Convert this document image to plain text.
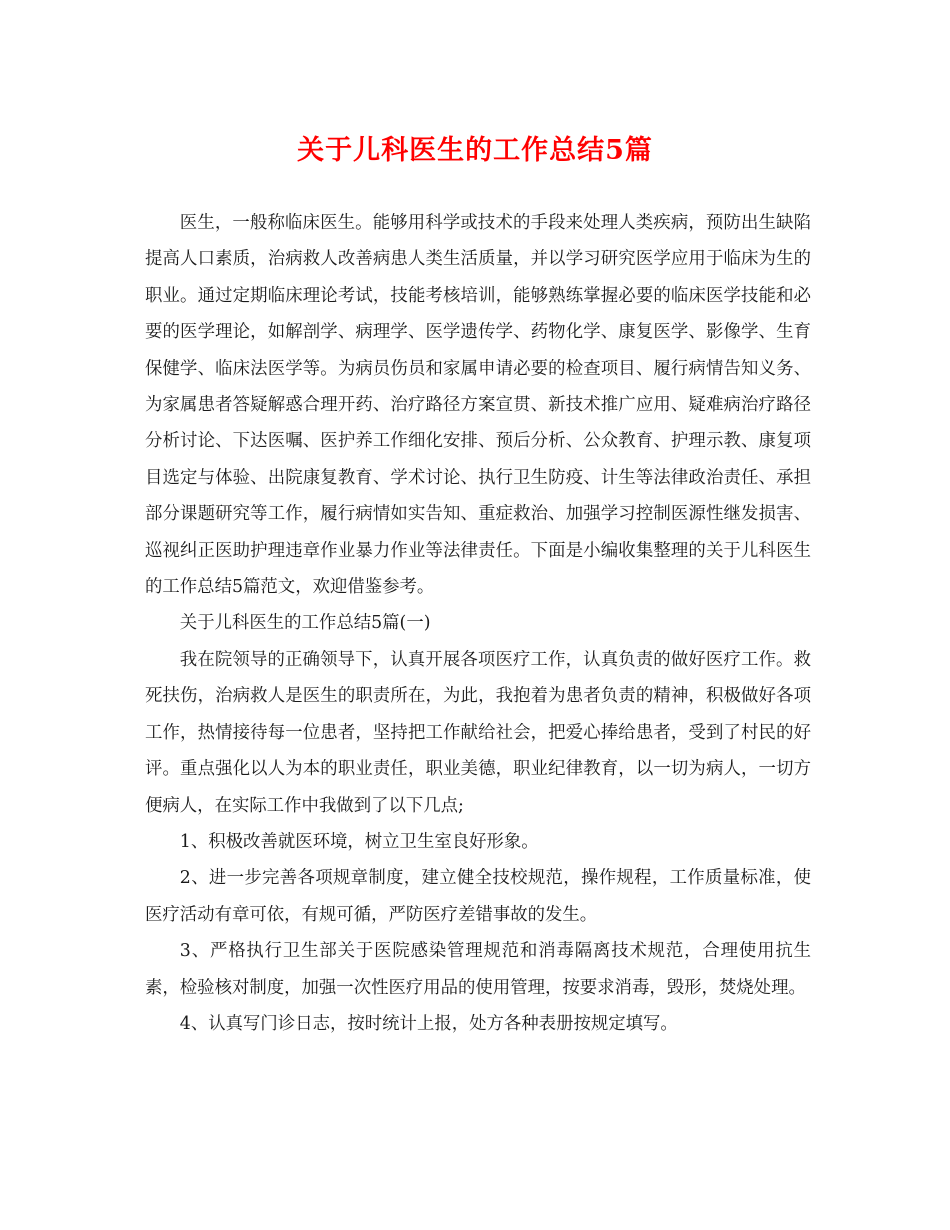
关于儿科医生的工作总结5篇

医生，一般称临床医生。能够用科学或技术的手段来处理人类疾病，预防出生缺陷提高人口素质，治病救人改善病患人类生活质量，并以学习研究医学应用于临床为生的职业。通过定期临床理论考试，技能考核培训，能够熟练掌握必要的临床医学技能和必要的医学理论，如解剖学、病理学、医学遗传学、药物化学、康复医学、影像学、生育保健学、临床法医学等。为病员伤员和家属申请必要的检查项目、履行病情告知义务、为家属患者答疑解惑合理开药、治疗路径方案宣贯、新技术推广应用、疑难病治疗路径分析讨论、下达医嘱、医护养工作细化安排、预后分析、公众教育、护理示教、康复项目选定与体验、出院康复教育、学术讨论、执行卫生防疫、计生等法律政治责任、承担部分课题研究等工作，履行病情如实告知、重症救治、加强学习控制医源性继发损害、巡视纠正医助护理违章作业暴力作业等法律责任。下面是小编收集整理的关于儿科医生的工作总结5篇范文，欢迎借鉴参考。

关于儿科医生的工作总结5篇(一)

我在院领导的正确领导下，认真开展各项医疗工作，认真负责的做好医疗工作。救死扶伤，治病救人是医生的职责所在，为此，我抱着为患者负责的精神，积极做好各项工作，热情接待每一位患者，坚持把工作献给社会，把爱心捧给患者，受到了村民的好评。重点强化以人为本的职业责任，职业美德，职业纪律教育，以一切为病人，一切方便病人，在实际工作中我做到了以下几点;

1、积极改善就医环境，树立卫生室良好形象。

2、进一步完善各项规章制度，建立健全技校规范，操作规程，工作质量标准，使医疗活动有章可依，有规可循，严防医疗差错事故的发生。

3、严格执行卫生部关于医院感染管理规范和消毒隔离技术规范，合理使用抗生素，检验核对制度，加强一次性医疗用品的使用管理，按要求消毒，毁形，焚烧处理。

4、认真写门诊日志，按时统计上报，处方各种表册按规定填写。
